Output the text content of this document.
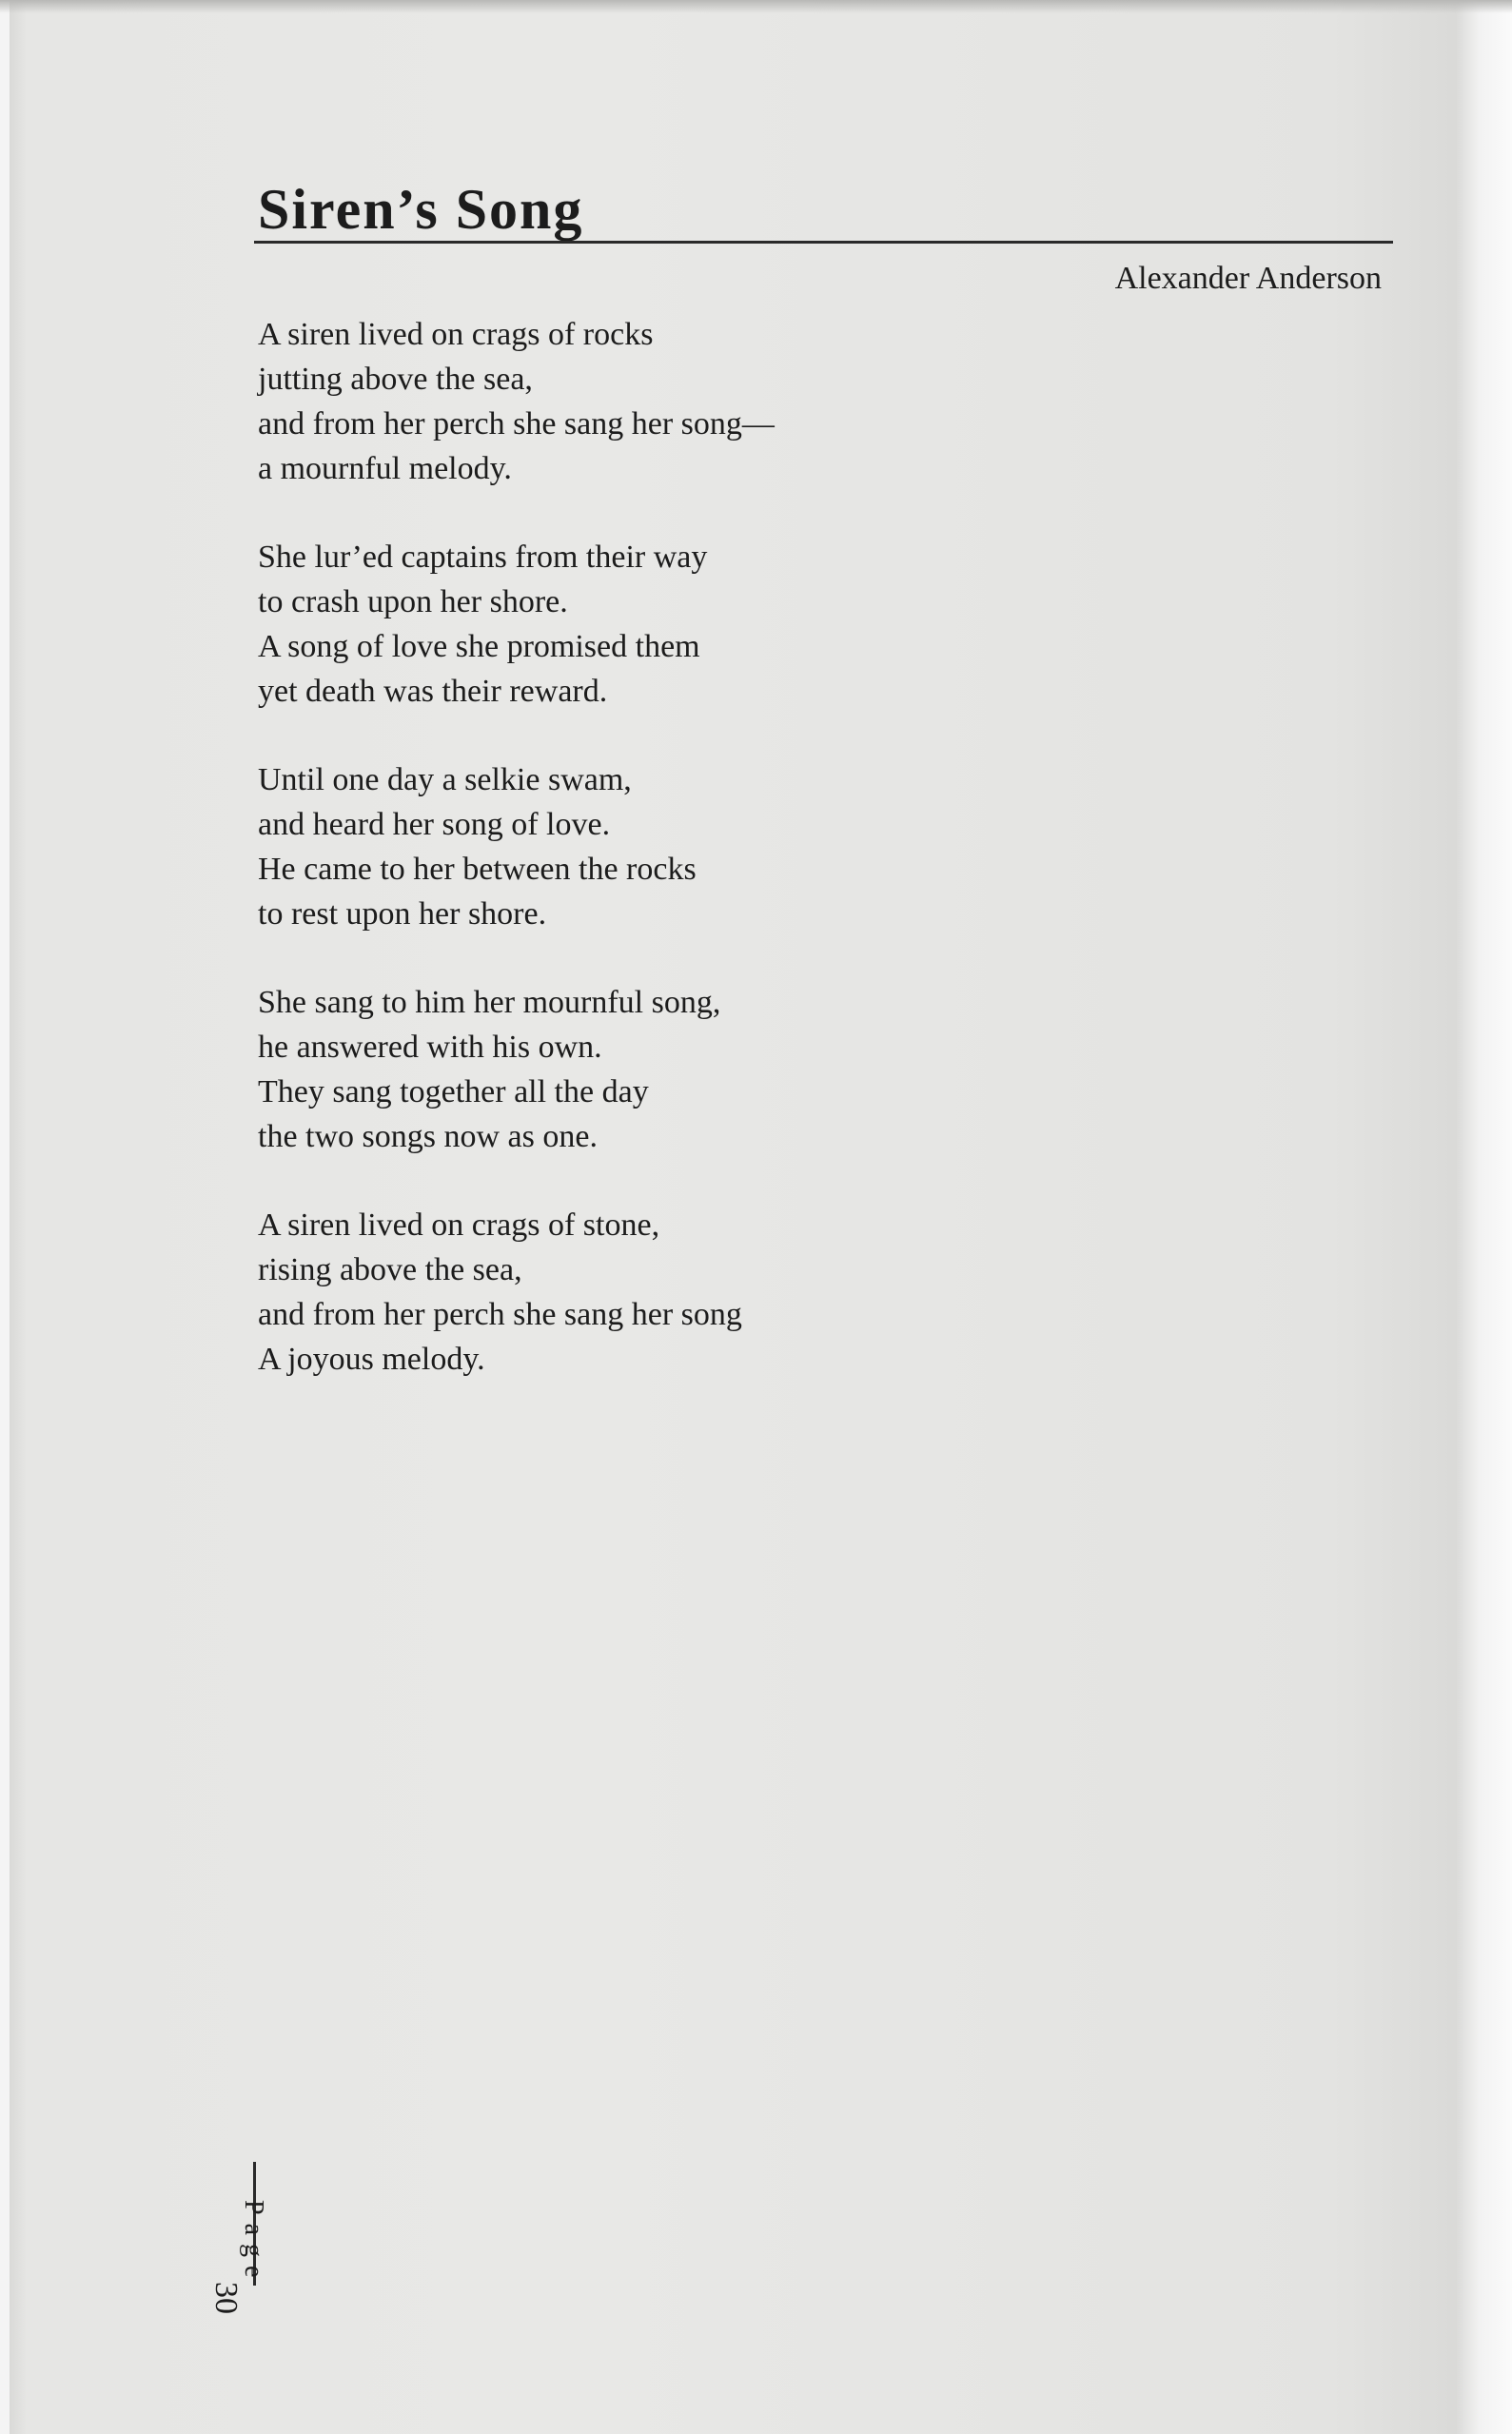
Siren’s Song
Alexander Anderson
A siren lived on crags of rocks
jutting above the sea,
and from her perch she sang her song—
a mournful melody.
She lur’ed captains from their way
to crash upon her shore.
A song of love she promised them
yet death was their reward.
Until one day a selkie swam,
and heard her song of love.
He came to her between the rocks
to rest upon her shore.
She sang to him her mournful song,
he answered with his own.
They sang together all the day
the two songs now as one.
A siren lived on crags of stone,
rising above the sea,
and from her perch she sang her song
A joyous melody.
Page
30
